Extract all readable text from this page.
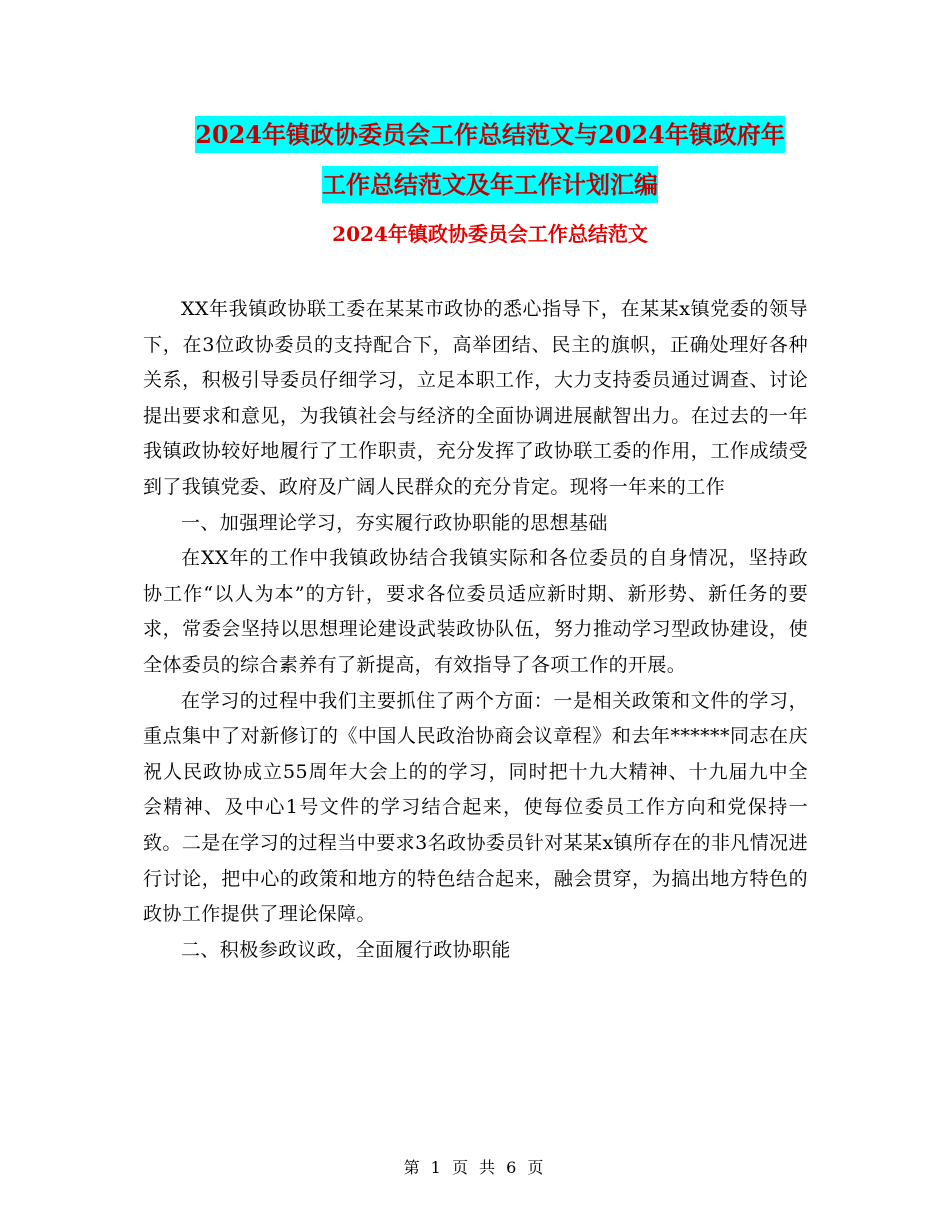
2024年镇政协委员会工作总结范文与2024年镇政府年
工作总结范文及年工作计划汇编
2024年镇政协委员会工作总结范文

XX年我镇政协联工委在某某市政协的悉心指导下，在某某x镇党委的领导下，在3位政协委员的支持配合下，高举团结、民主的旗帜，正确处理好各种关系，积极引导委员仔细学习，立足本职工作，大力支持委员通过调查、讨论提出要求和意见，为我镇社会与经济的全面协调进展献智出力。在过去的一年我镇政协较好地履行了工作职责，充分发挥了政协联工委的作用，工作成绩受到了我镇党委、政府及广阔人民群众的充分肯定。现将一年来的工作

一、加强理论学习，夯实履行政协职能的思想基础

在XX年的工作中我镇政协结合我镇实际和各位委员的自身情况，坚持政协工作“以人为本”的方针，要求各位委员适应新时期、新形势、新任务的要求，常委会坚持以思想理论建设武装政协队伍，努力推动学习型政协建设，使全体委员的综合素养有了新提高，有效指导了各项工作的开展。

在学习的过程中我们主要抓住了两个方面：一是相关政策和文件的学习，重点集中了对新修订的《中国人民政治协商会议章程》和去年******同志在庆祝人民政协成立55周年大会上的的学习，同时把十九大精神、十九届九中全会精神、及中心1号文件的学习结合起来，使每位委员工作方向和党保持一致。二是在学习的过程当中要求3名政协委员针对某某x镇所存在的非凡情况进行讨论，把中心的政策和地方的特色结合起来，融会贯穿，为搞出地方特色的政协工作提供了理论保障。

二、积极参政议政，全面履行政协职能

第 1 页 共 6 页
